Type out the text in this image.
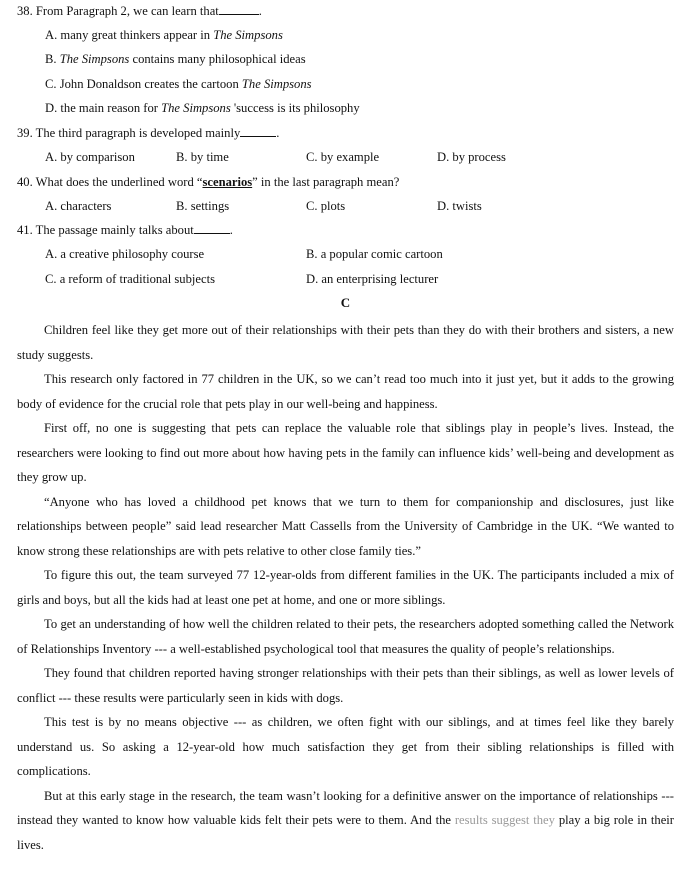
38. From Paragraph 2, we can learn that	.
A. many great thinkers appear in The Simpsons
B. The Simpsons contains many philosophical ideas
C. John Donaldson creates the cartoon The Simpsons
D. the main reason for The Simpsons 'success is its philosophy
39. The third paragraph is developed mainly	.
A. by comparison	B. by time	C. by example	D. by process
40. What does the underlined word “scenarios” in the last paragraph mean?
A. characters	B. settings	C. plots	D. twists
41. The passage mainly talks about	.
A. a creative philosophy course	B. a popular comic cartoon
C. a reform of traditional subjects	D. an enterprising lecturer
C

Children feel like they get more out of their relationships with their pets than they do with their brothers and sisters, a new study suggests.

This research only factored in 77 children in the UK, so we can’t read too much into it just yet, but it adds to the growing body of evidence for the crucial role that pets play in our well-being and happiness.

First off, no one is suggesting that pets can replace the valuable role that siblings play in people’s lives. Instead, the researchers were looking to find out more about how having pets in the family can influence kids’ well-being and development as they grow up.

“Anyone who has loved a childhood pet knows that we turn to them for companionship and disclosures, just like relationships between people” said lead researcher Matt Cassells from the University of Cambridge in the UK. “We wanted to know strong these relationships are with pets relative to other close family ties.”

To figure this out, the team surveyed 77 12-year-olds from different families in the UK. The participants included a mix of girls and boys, but all the kids had at least one pet at home, and one or more siblings.

To get an understanding of how well the children related to their pets, the researchers adopted something called the Network of Relationships Inventory --- a well-established psychological tool that measures the quality of people’s relationships.

They found that children reported having stronger relationships with their pets than their siblings, as well as lower levels of conflict --- these results were particularly seen in kids with dogs.

This test is by no means objective --- as children, we often fight with our siblings, and at times feel like they barely understand us. So asking a 12-year-old how much satisfaction they get from their sibling relationships is filled with complications.

But at this early stage in the research, the team wasn’t looking for a definitive answer on the importance of relationships --- instead they wanted to know how valuable kids felt their pets were to them. And the results suggest they play a big role in their lives.
